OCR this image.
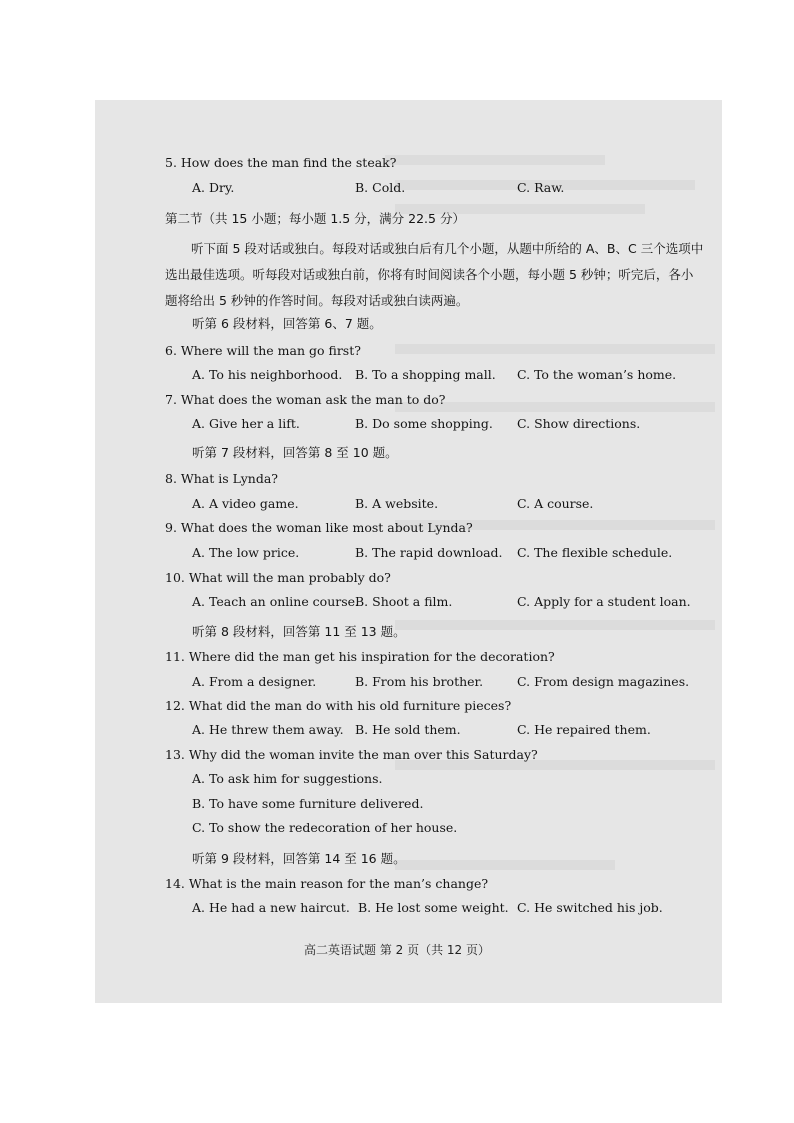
5. How does the man find the steak?
A. Dry.	B. Cold.	C. Raw.
第二节（共 15 小题；每小题 1.5 分，满分 22.5 分）
听下面 5 段对话或独白。每段对话或独白后有几个小题，从题中所给的 A、B、C 三个选项中选出最佳选项。听每段对话或独白前，你将有时间阅读各个小题，每小题 5 秒钟；听完后，各小题将给出 5 秒钟的作答时间。每段对话或独白读两遍。
听第 6 段材料，回答第 6、7 题。
6. Where will the man go first?
A. To his neighborhood. B. To a shopping mall. C. To the woman’s home.
7. What does the woman ask the man to do?
A. Give her a lift.	B. Do some shopping. C. Show directions.
听第 7 段材料，回答第 8 至 10 题。
8. What is Lynda?
A. A video game.	B. A website.	C. A course.
9. What does the woman like most about Lynda?
A. The low price.	B. The rapid download. C. The flexible schedule.
10. What will the man probably do?
A. Teach an online course.
B. Shoot a film.	C. Apply for a student loan.
听第 8 段材料，回答第 11 至 13 题。
11. Where did the man get his inspiration for the decoration?
A. From a designer.	B. From his brother.	C. From design magazines.
12. What did the man do with his old furniture pieces?
A. He threw them away. B. He sold them.	C. He repaired them.
13. Why did the woman invite the man over this Saturday?
A. To ask him for suggestions.
B. To have some furniture delivered.
C. To show the redecoration of her house.
听第 9 段材料，回答第 14 至 16 题。
14. What is the main reason for the man’s change?
A. He had a new haircut. B. He lost some weight. C. He switched his job.
高二英语试题 第 2 页（共 12 页）
